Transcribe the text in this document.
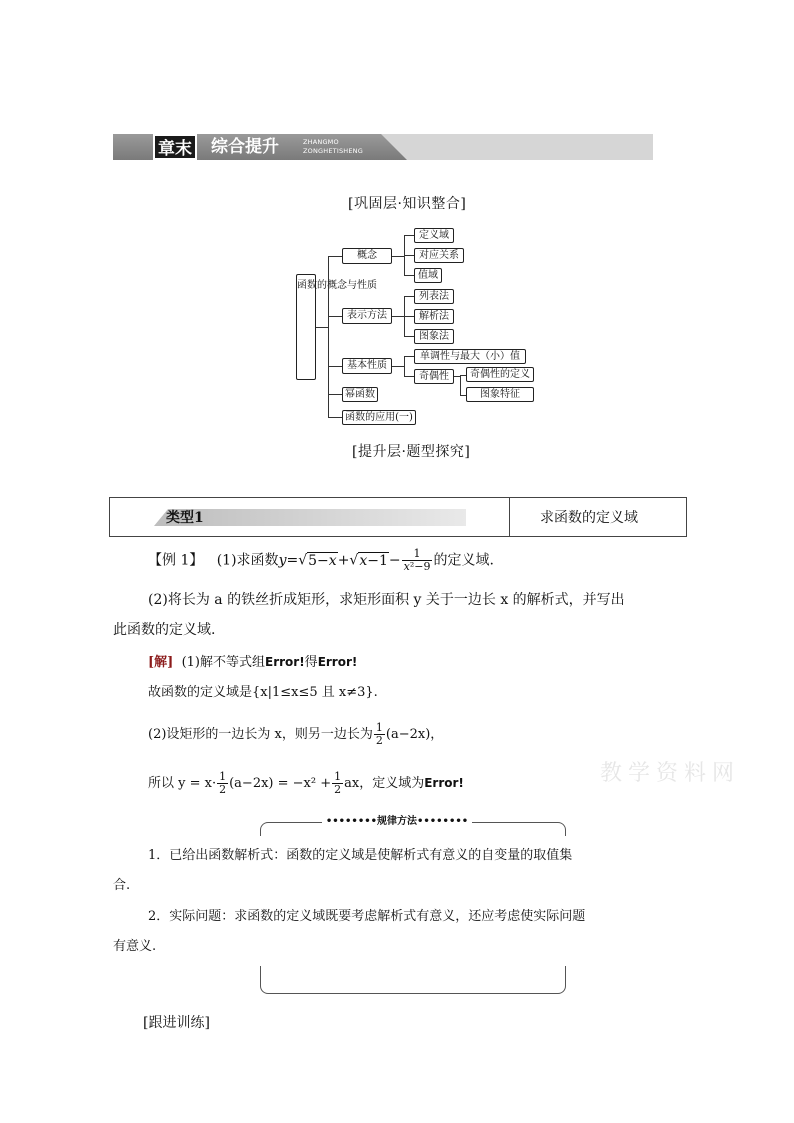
章末 综合提升	ZHANGMO
ZONGHETISHENG
[巩固层·知识整合]
函数的概念与性质
概念
定义域
对应关系
值域
表示方法
列表法
解析法
图象法
基本性质
单调性与最大（小）值
奇偶性	奇偶性的定义
图象特征
幂函数
函数的应用(一)
[提升层·题型探究]
类型1	求函数的定义域
【例 1】 (1)求函数$y=√5-x+√x-1- \frac{1}{\text{x²−9}}$ 的定义域.
(2)将长为 a 的铁丝折成矩形，求矩形面积 y 关于一边长 x 的解析式，并写出
此函数的定义域.
[解] (1)解不等式组Error!得Error!
故函数的定义域是{x|1≤x≤5 且 x≠3}.
(2)设矩形的一边长为 x，则另一边长为 $\frac{1}{2} (a-2x)$，
所以 $y = x\cdot \frac{1}{2} (a-2x) = -x^2 + \frac{1}{2}$ ax，定义域为Error!	教学资料网
••••••••规律方法••••••••
1．已给出函数解析式：函数的定义域是使解析式有意义的自变量的取值集
合.
2．实际问题：求函数的定义域既要考虑解析式有意义，还应考虑使实际问题
有意义.
[跟进训练]
